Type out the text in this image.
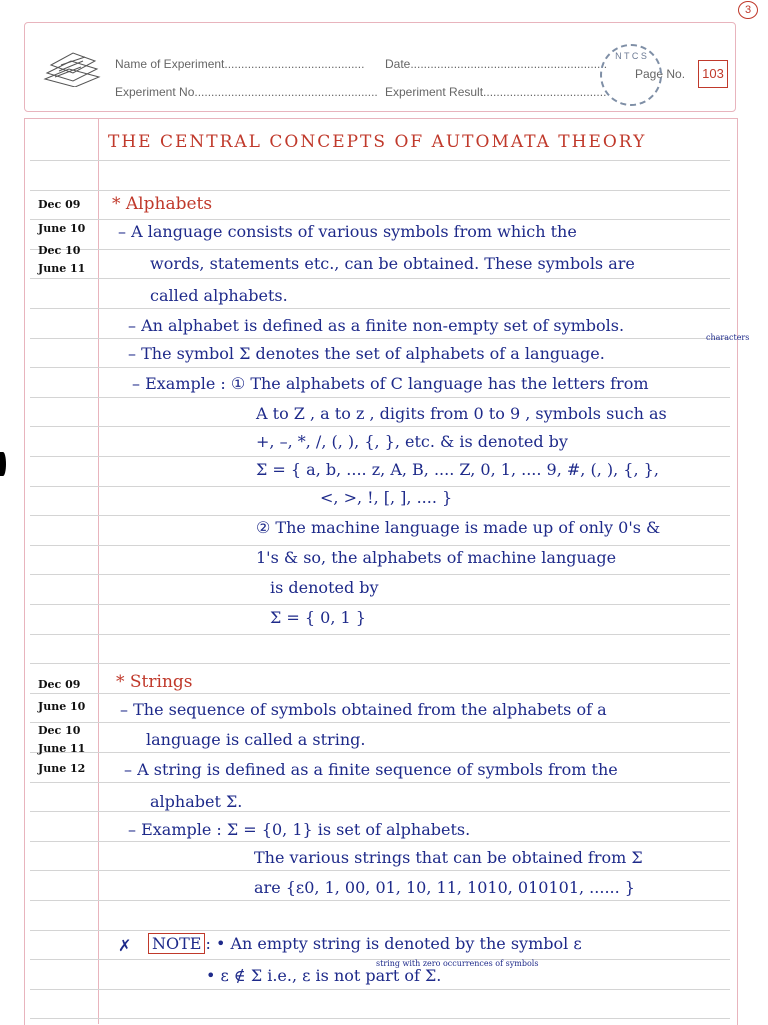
3
Name of Experiment.......................................... Date...........................................................
Experiment No....................................................... Experiment Result.....................................
Page No.
N T C S
103
THE CENTRAL CONCEPTS OF AUTOMATA THEORY
Dec 09
June 10
Dec 10
June 11
* Alphabets
– A language consists of various symbols from which the
words, statements etc., can be obtained. These symbols are
called alphabets.
– An alphabet is defined as a finite non-empty set of symbols.
characters
– The symbol Σ denotes the set of alphabets of a language.
– Example : ① The alphabets of C language has the letters from
A to Z , a to z , digits from 0 to 9 , symbols such as
+, –, *, /, (, ), {, }, etc. & is denoted by
Σ = { a, b, .... z, A, B, .... Z, 0, 1, .... 9, #, (, ), {, },
<, >, !, [, ], .... }
② The machine language is made up of only 0's &
1's & so, the alphabets of machine language
is denoted by
Σ = { 0, 1 }
Dec 09
June 10
Dec 10
June 11
June 12
* Strings
– The sequence of symbols obtained from the alphabets of a
language is called a string.
– A string is defined as a finite sequence of symbols from the
alphabet Σ.
– Example : Σ = {0, 1} is set of alphabets.
The various strings that can be obtained from Σ
are {ε0, 1, 00, 01, 10, 11, 1010, 010101, ...... }
✗ NOTE : • An empty string is denoted by the symbol ε
string with zero occurrences of symbols
• ε ∉ Σ i.e., ε is not part of Σ.
